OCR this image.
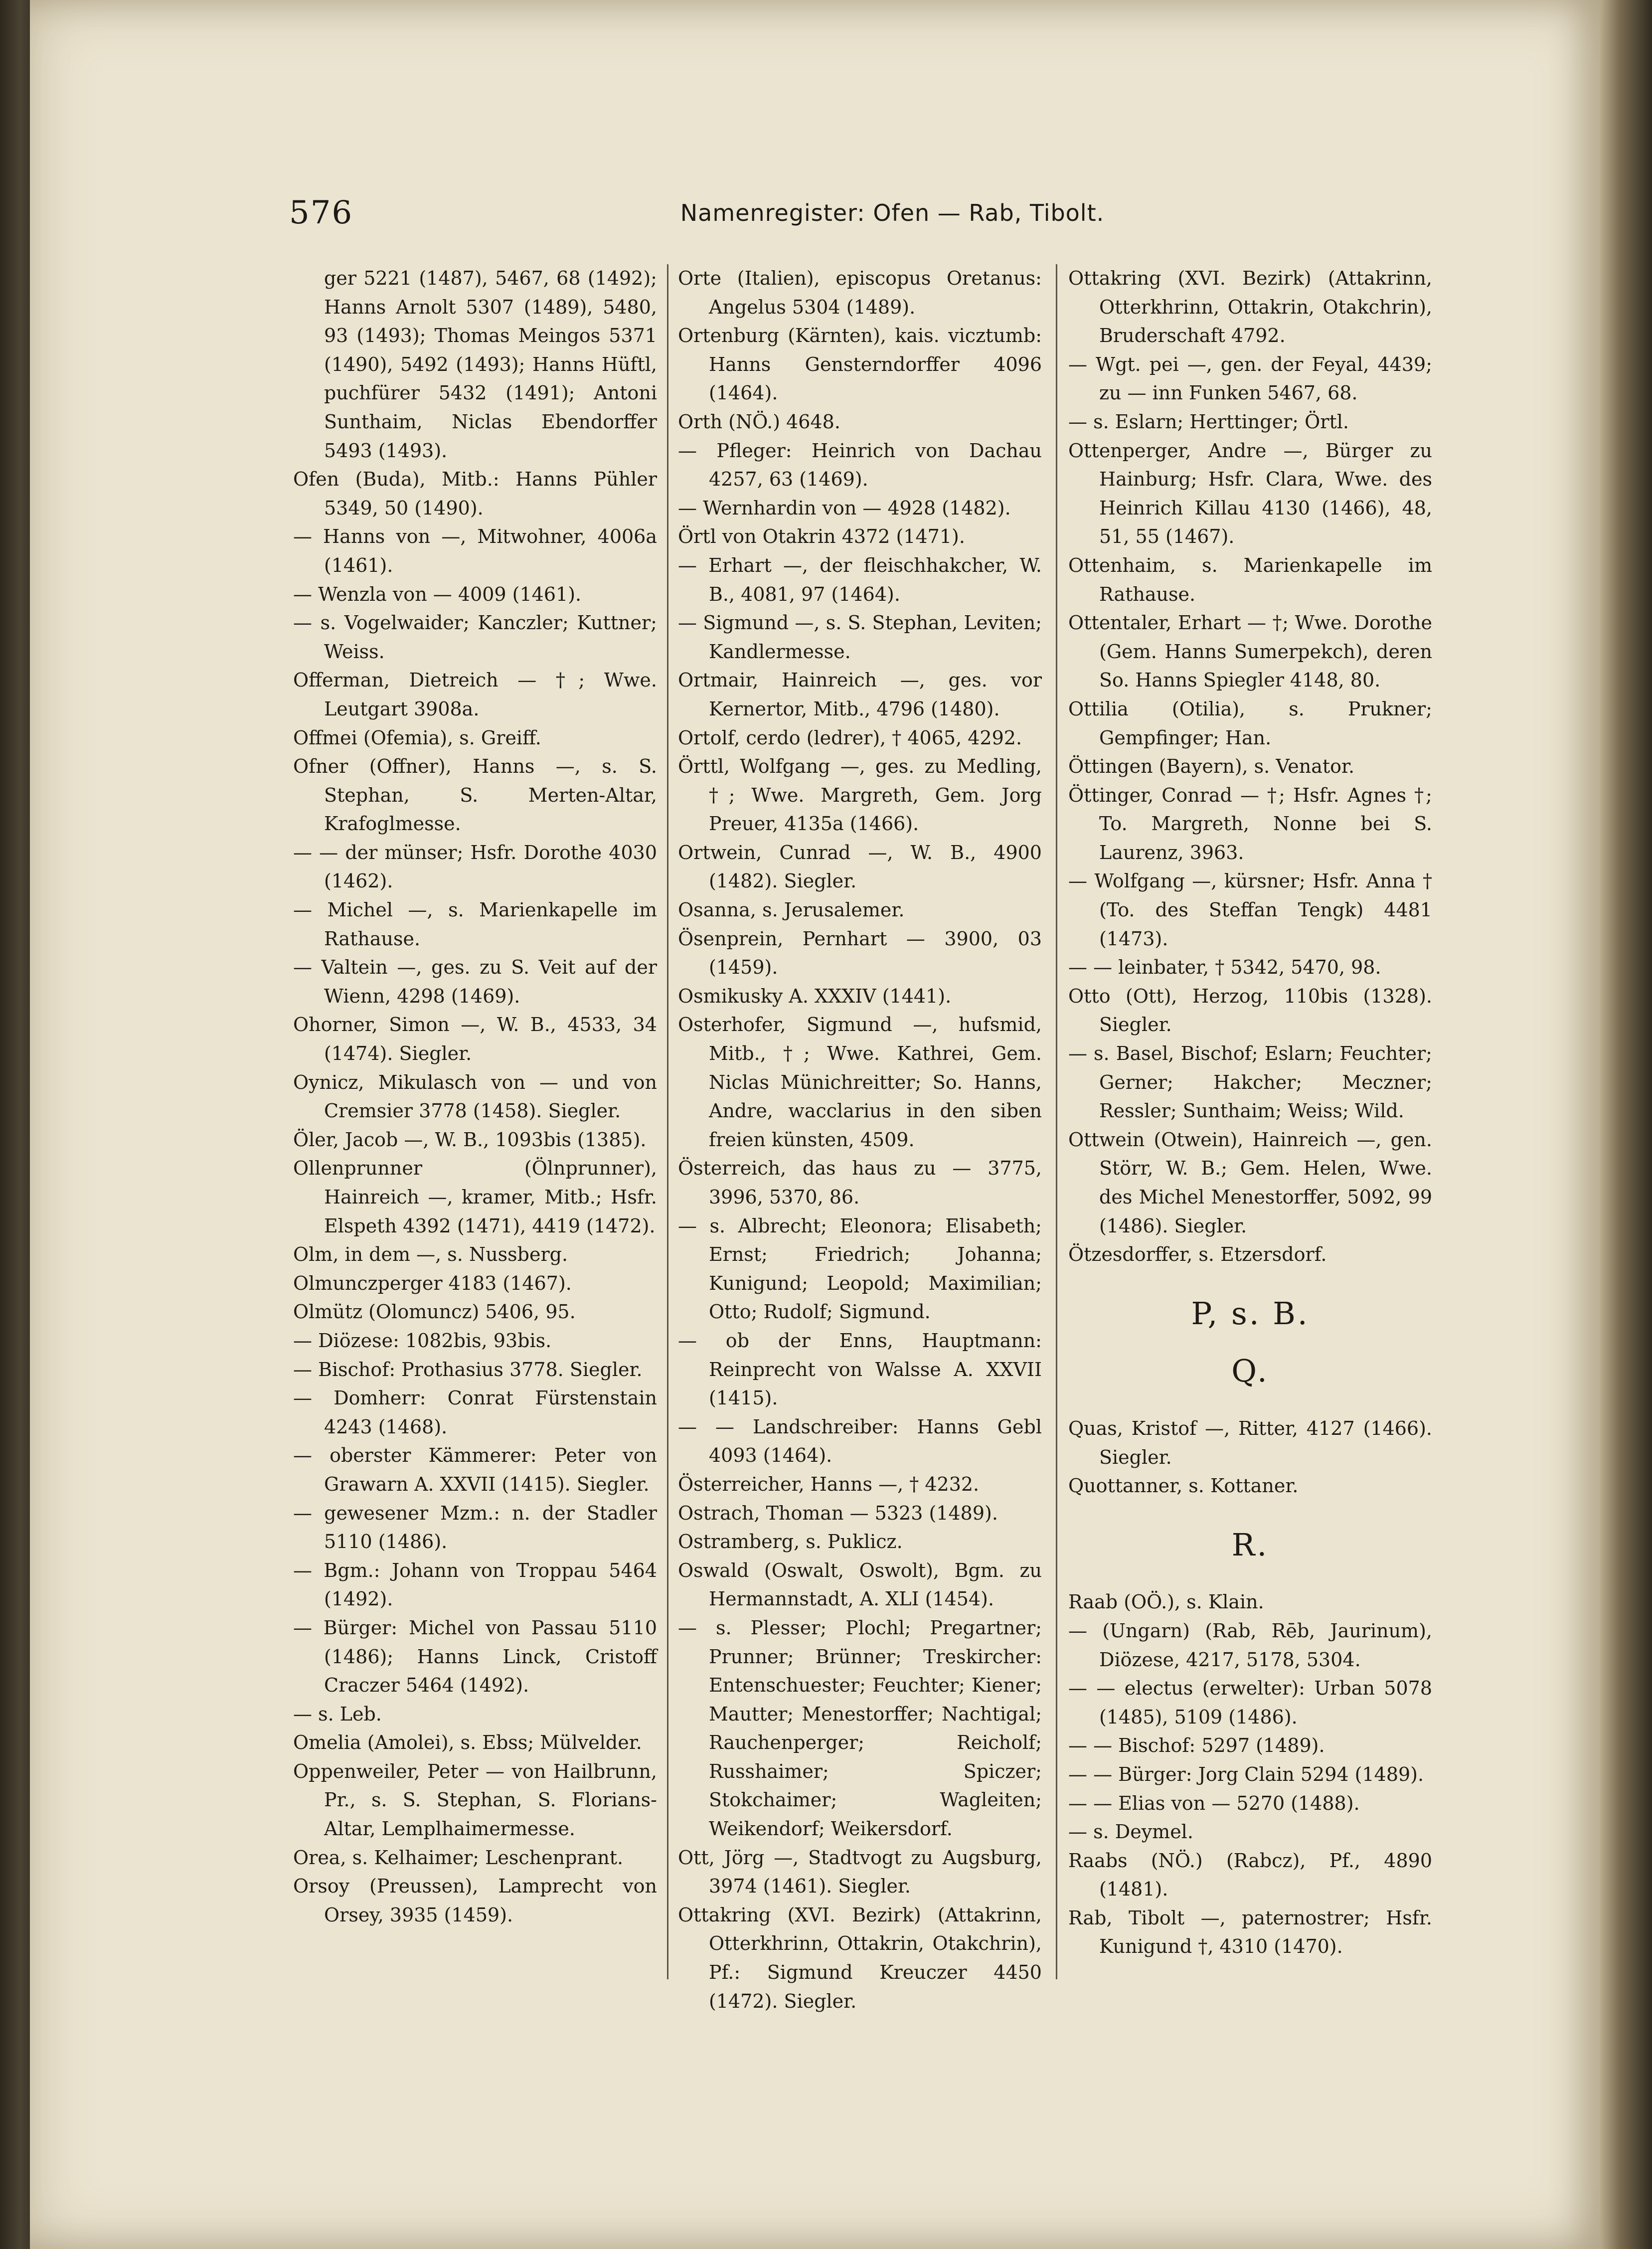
576	Namenregister: Ofen — Rab, Tibolt.
ger 5221 (1487), 5467, 68 (1492); Hanns Arnolt 5307 (1489), 5480, 93 (1493); Thomas Meingos 5371 (1490), 5492 (1493); Hanns Hüftl, puchfürer 5432 (1491); Antoni Sunthaim, Niclas Ebendorffer 5493 (1493).
Ofen (Buda), Mitb.: Hanns Pühler 5349, 50 (1490).
— Hanns von —, Mitwohner, 4006a (1461).
— Wenzla von — 4009 (1461).
— s. Vogelwaider; Kanczler; Kuttner; Weiss.
Offerman, Dietreich — †; Wwe. Leutgart 3908a.
Offmei (Ofemia), s. Greiff.
Ofner (Offner), Hanns —, s. S. Stephan, S. Merten-Altar, Krafoglmesse.
— — der münser; Hsfr. Dorothe 4030 (1462).
— Michel —, s. Marienkapelle im Rathause.
— Valtein —, ges. zu S. Veit auf der Wienn, 4298 (1469).
Ohorner, Simon —, W. B., 4533, 34 (1474). Siegler.
Oynicz, Mikulasch von — und von Cremsier 3778 (1458). Siegler.
Öler, Jacob —, W. B., 1093bis (1385).
Ollenprunner (Ölnprunner), Hainreich —, kramer, Mitb.; Hsfr. Elspeth 4392 (1471), 4419 (1472).
Olm, in dem —, s. Nussberg.
Olmunczperger 4183 (1467).
Olmütz (Olomuncz) 5406, 95.
— Diözese: 1082bis, 93bis.
— Bischof: Prothasius 3778. Siegler.
— Domherr: Conrat Fürstenstain 4243 (1468).
— oberster Kämmerer: Peter von Grawarn A. XXVII (1415). Siegler.
— gewesener Mzm.: n. der Stadler 5110 (1486).
— Bgm.: Johann von Troppau 5464 (1492).
— Bürger: Michel von Passau 5110 (1486); Hanns Linck, Cristoff Craczer 5464 (1492).
— s. Leb.
Omelia (Amolei), s. Ebss; Mülvelder.
Oppenweiler, Peter — von Hailbrunn, Pr., s. S. Stephan, S. Florians-Altar, Lemplhaimermesse.
Orea, s. Kelhaimer; Leschenprant.
Orsoy (Preussen), Lamprecht von Orsey, 3935 (1459).
Orte (Italien), episcopus Oretanus: Angelus 5304 (1489).
Ortenburg (Kärnten), kais. vicztumb: Hanns Gensterndorffer 4096 (1464).
Orth (NÖ.) 4648.
— Pfleger: Heinrich von Dachau 4257, 63 (1469).
— Wernhardin von — 4928 (1482).
Örtl von Otakrin 4372 (1471).
— Erhart —, der fleischhakcher, W. B., 4081, 97 (1464).
— Sigmund —, s. S. Stephan, Leviten; Kandlermesse.
Ortmair, Hainreich —, ges. vor Kernertor, Mitb., 4796 (1480).
Ortolf, cerdo (ledrer), † 4065, 4292.
Örttl, Wolfgang —, ges. zu Medling, †; Wwe. Margreth, Gem. Jorg Preuer, 4135a (1466).
Ortwein, Cunrad —, W. B., 4900 (1482). Siegler.
Osanna, s. Jerusalemer.
Ösenprein, Pernhart — 3900, 03 (1459).
Osmikusky A. XXXIV (1441).
Osterhofer, Sigmund —, hufsmid, Mitb., †; Wwe. Kathrei, Gem. Niclas Münichreitter; So. Hanns, Andre, wacclarius in den siben freien künsten, 4509.
Österreich, das haus zu — 3775, 3996, 5370, 86.
— s. Albrecht; Eleonora; Elisabeth; Ernst; Friedrich; Johanna; Kunigund; Leopold; Maximilian; Otto; Rudolf; Sigmund.
— ob der Enns, Hauptmann: Reinprecht von Walsse A. XXVII (1415).
— — Landschreiber: Hanns Gebl 4093 (1464).
Österreicher, Hanns —, † 4232.
Ostrach, Thoman — 5323 (1489).
Ostramberg, s. Puklicz.
Oswald (Oswalt, Oswolt), Bgm. zu Hermannstadt, A. XLI (1454).
— s. Plesser; Plochl; Pregartner; Prunner; Brünner; Treskircher: Entenschuester; Feuchter; Kiener; Mautter; Menestorffer; Nachtigal; Rauchenperger; Reicholf; Russhaimer; Spiczer; Stokchaimer; Wagleiten; Weikendorf; Weikersdorf.
Ott, Jörg —, Stadtvogt zu Augsburg, 3974 (1461). Siegler.
Ottakring (XVI. Bezirk) (Attakrinn, Otterkhrinn, Ottakrin, Otakchrin), Pf.: Sigmund Kreuczer 4450 (1472). Siegler.
Ottakring (XVI. Bezirk) (Attakrinn, Otterkhrinn, Ottakrin, Otakchrin), Bruderschaft 4792.
— Wgt. pei —, gen. der Feyal, 4439; zu — inn Funken 5467, 68.
— s. Eslarn; Herttinger; Örtl.
Ottenperger, Andre —, Bürger zu Hainburg; Hsfr. Clara, Wwe. des Heinrich Killau 4130 (1466), 48, 51, 55 (1467).
Ottenhaim, s. Marienkapelle im Rathause.
Ottentaler, Erhart — †; Wwe. Dorothe (Gem. Hanns Sumerpekch), deren So. Hanns Spiegler 4148, 80.
Ottilia (Otilia), s. Prukner; Gempfinger; Han.
Öttingen (Bayern), s. Venator.
Öttinger, Conrad — †; Hsfr. Agnes †; To. Margreth, Nonne bei S. Laurenz, 3963.
— Wolfgang —, kürsner; Hsfr. Anna † (To. des Steffan Tengk) 4481 (1473).
— — leinbater, † 5342, 5470, 98.
Otto (Ott), Herzog, 110bis (1328). Siegler.
— s. Basel, Bischof; Eslarn; Feuchter; Gerner; Hakcher; Meczner; Ressler; Sunthaim; Weiss; Wild.
Ottwein (Otwein), Hainreich —, gen. Störr, W. B.; Gem. Helen, Wwe. des Michel Menestorffer, 5092, 99 (1486). Siegler.
Ötzesdorffer, s. Etzersdorf.
P, s. B.
Q.
Quas, Kristof —, Ritter, 4127 (1466). Siegler.
Quottanner, s. Kottaner.
R.
Raab (OÖ.), s. Klain.
— (Ungarn) (Rab, Rēb, Jaurinum), Diözese, 4217, 5178, 5304.
— — electus (erwelter): Urban 5078 (1485), 5109 (1486).
— — Bischof: 5297 (1489).
— — Bürger: Jorg Clain 5294 (1489).
— — Elias von — 5270 (1488).
— s. Deymel.
Raabs (NÖ.) (Rabcz), Pf., 4890 (1481).
Rab, Tibolt —, paternostrer; Hsfr. Kunigund †, 4310 (1470).
